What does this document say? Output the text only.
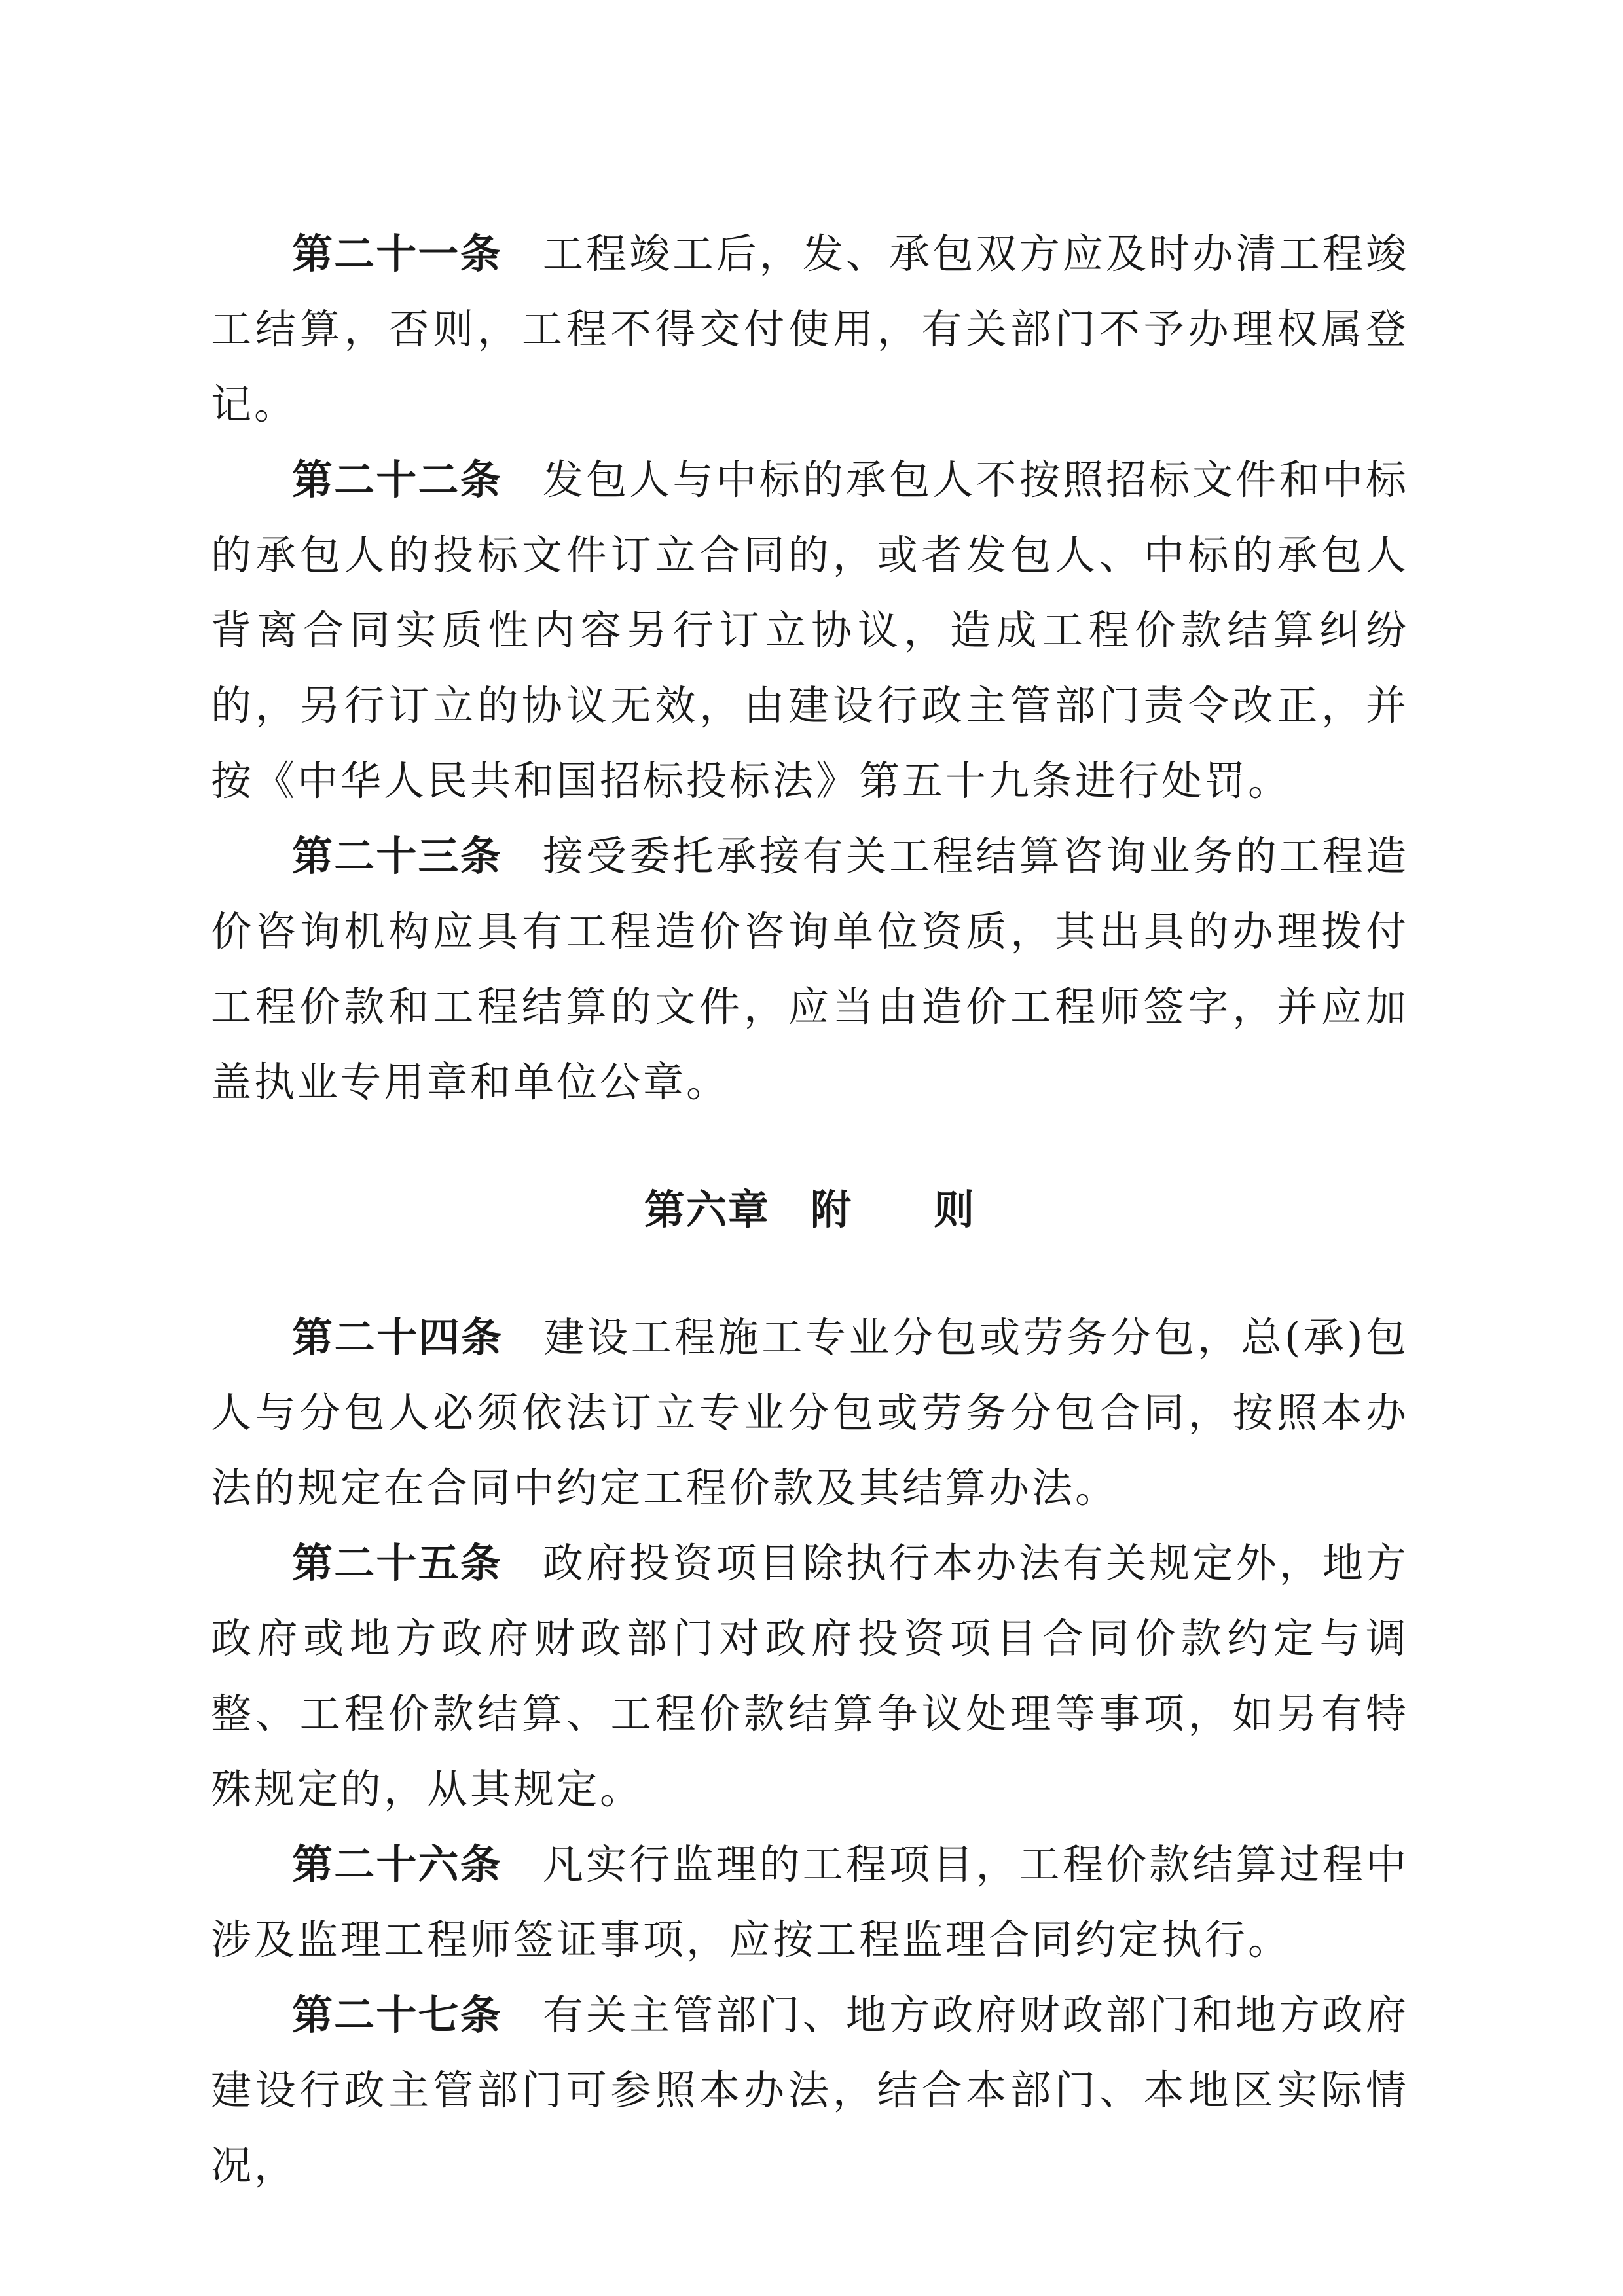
第二十一条 工程竣工后，发、承包双方应及时办清工程竣工结算，否则，工程不得交付使用，有关部门不予办理权属登记。

第二十二条 发包人与中标的承包人不按照招标文件和中标的承包人的投标文件订立合同的，或者发包人、中标的承包人背离合同实质性内容另行订立协议，造成工程价款结算纠纷的，另行订立的协议无效，由建设行政主管部门责令改正，并按《中华人民共和国招标投标法》第五十九条进行处罚。

第二十三条 接受委托承接有关工程结算咨询业务的工程造价咨询机构应具有工程造价咨询单位资质，其出具的办理拨付工程价款和工程结算的文件，应当由造价工程师签字，并应加盖执业专用章和单位公章。

第六章 附 则

第二十四条 建设工程施工专业分包或劳务分包，总(承)包人与分包人必须依法订立专业分包或劳务分包合同，按照本办法的规定在合同中约定工程价款及其结算办法。

第二十五条 政府投资项目除执行本办法有关规定外，地方政府或地方政府财政部门对政府投资项目合同价款约定与调整、工程价款结算、工程价款结算争议处理等事项，如另有特殊规定的，从其规定。

第二十六条 凡实行监理的工程项目，工程价款结算过程中涉及监理工程师签证事项，应按工程监理合同约定执行。

第二十七条 有关主管部门、地方政府财政部门和地方政府建设行政主管部门可参照本办法，结合本部门、本地区实际情况，
